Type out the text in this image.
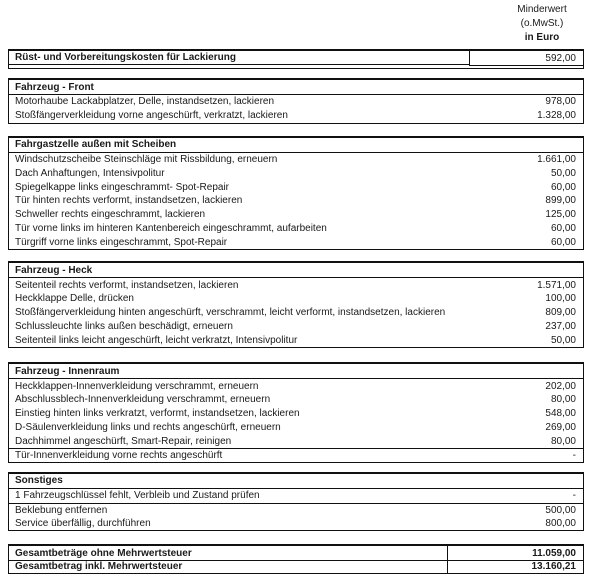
Minderwert
(o.MwSt.)
in Euro
Rüst- und Vorbereitungskosten für Lackierung	592,00
Fahrzeug - Front
Motorhaube Lackabplatzer, Delle, instandsetzen, lackieren	978,00
Stoßfängerverkleidung vorne angeschürft, verkratzt, lackieren	1.328,00
Fahrgastzelle außen mit Scheiben
Windschutzscheibe Steinschläge mit Rissbildung, erneuern	1.661,00
Dach Anhaftungen, Intensivpolitur	50,00
Spiegelkappe links eingeschrammt- Spot-Repair	60,00
Tür hinten rechts verformt, instandsetzen, lackieren	899,00
Schweller rechts eingeschrammt, lackieren	125,00
Tür vorne links im hinteren Kantenbereich eingeschrammt, aufarbeiten	60,00
Türgriff vorne links eingeschrammt, Spot-Repair	60,00
Fahrzeug - Heck
Seitenteil rechts verformt, instandsetzen, lackieren	1.571,00
Heckklappe Delle, drücken	100,00
Stoßfängerverkleidung hinten angeschürft, verschrammt, leicht verformt, instandsetzen, lackieren	809,00
Schlussleuchte links außen beschädigt, erneuern	237,00
Seitenteil links leicht angeschürft, leicht verkratzt, Intensivpolitur	50,00
Fahrzeug - Innenraum
Heckklappen-Innenverkleidung verschrammt, erneuern	202,00
Abschlussblech-Innenverkleidung verschrammt, erneuern	80,00
Einstieg hinten links verkratzt, verformt, instandsetzen, lackieren	548,00
D-Säulenverkleidung links und rechts angeschürft, erneuern	269,00
Dachhimmel angeschürft, Smart-Repair, reinigen	80,00
Tür-Innenverkleidung vorne rechts angeschürft	-
Sonstiges
1 Fahrzeugschlüssel fehlt, Verbleib und Zustand prüfen	-
Beklebung entfernen	500,00
Service überfällig, durchführen	800,00
Gesamtbeträge ohne Mehrwertsteuer	11.059,00
Gesamtbetrag inkl. Mehrwertsteuer	13.160,21
